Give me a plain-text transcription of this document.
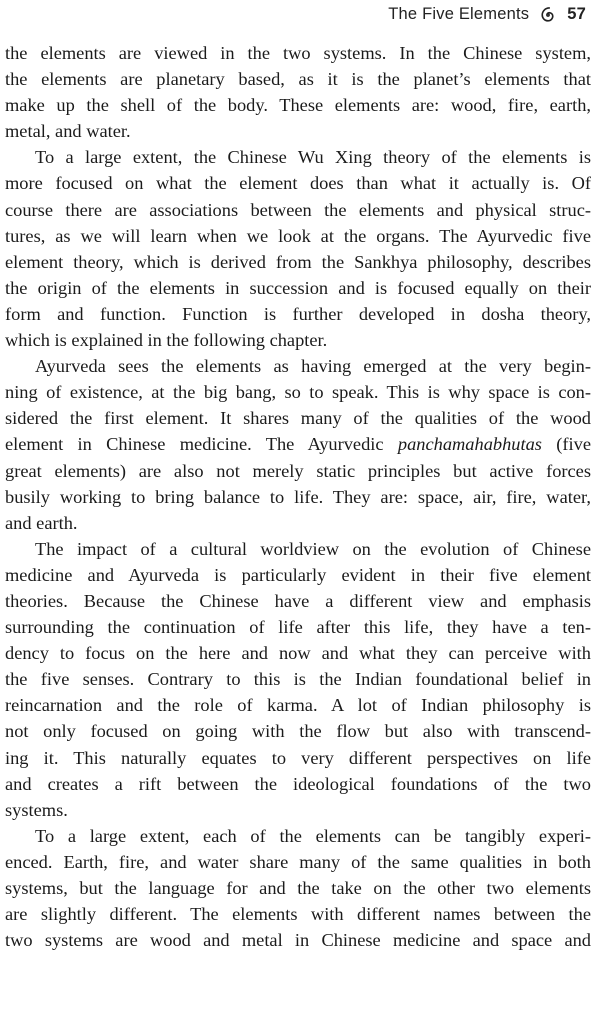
The Five Elements 57

the elements are viewed in the two systems. In the Chinese system,
the elements are planetary based, as it is the planet’s elements that
make up the shell of the body. These elements are: wood, fire, earth,
metal, and water.

To a large extent, the Chinese Wu Xing theory of the elements is
more focused on what the element does than what it actually is. Of
course there are associations between the elements and physical struc-
tures, as we will learn when we look at the organs. The Ayurvedic five
element theory, which is derived from the Sankhya philosophy, describes
the origin of the elements in succession and is focused equally on their
form and function. Function is further developed in dosha theory,
which is explained in the following chapter.

Ayurveda sees the elements as having emerged at the very begin-
ning of existence, at the big bang, so to speak. This is why space is con-
sidered the first element. It shares many of the qualities of the wood
element in Chinese medicine. The Ayurvedic panchamahabhutas (five
great elements) are also not merely static principles but active forces
busily working to bring balance to life. They are: space, air, fire, water,
and earth.

The impact of a cultural worldview on the evolution of Chinese
medicine and Ayurveda is particularly evident in their five element
theories. Because the Chinese have a different view and emphasis
surrounding the continuation of life after this life, they have a ten-
dency to focus on the here and now and what they can perceive with
the five senses. Contrary to this is the Indian foundational belief in
reincarnation and the role of karma. A lot of Indian philosophy is
not only focused on going with the flow but also with transcend-
ing it. This naturally equates to very different perspectives on life
and creates a rift between the ideological foundations of the two
systems.

To a large extent, each of the elements can be tangibly experi-
enced. Earth, fire, and water share many of the same qualities in both
systems, but the language for and the take on the other two elements
are slightly different. The elements with different names between the
two systems are wood and metal in Chinese medicine and space and
